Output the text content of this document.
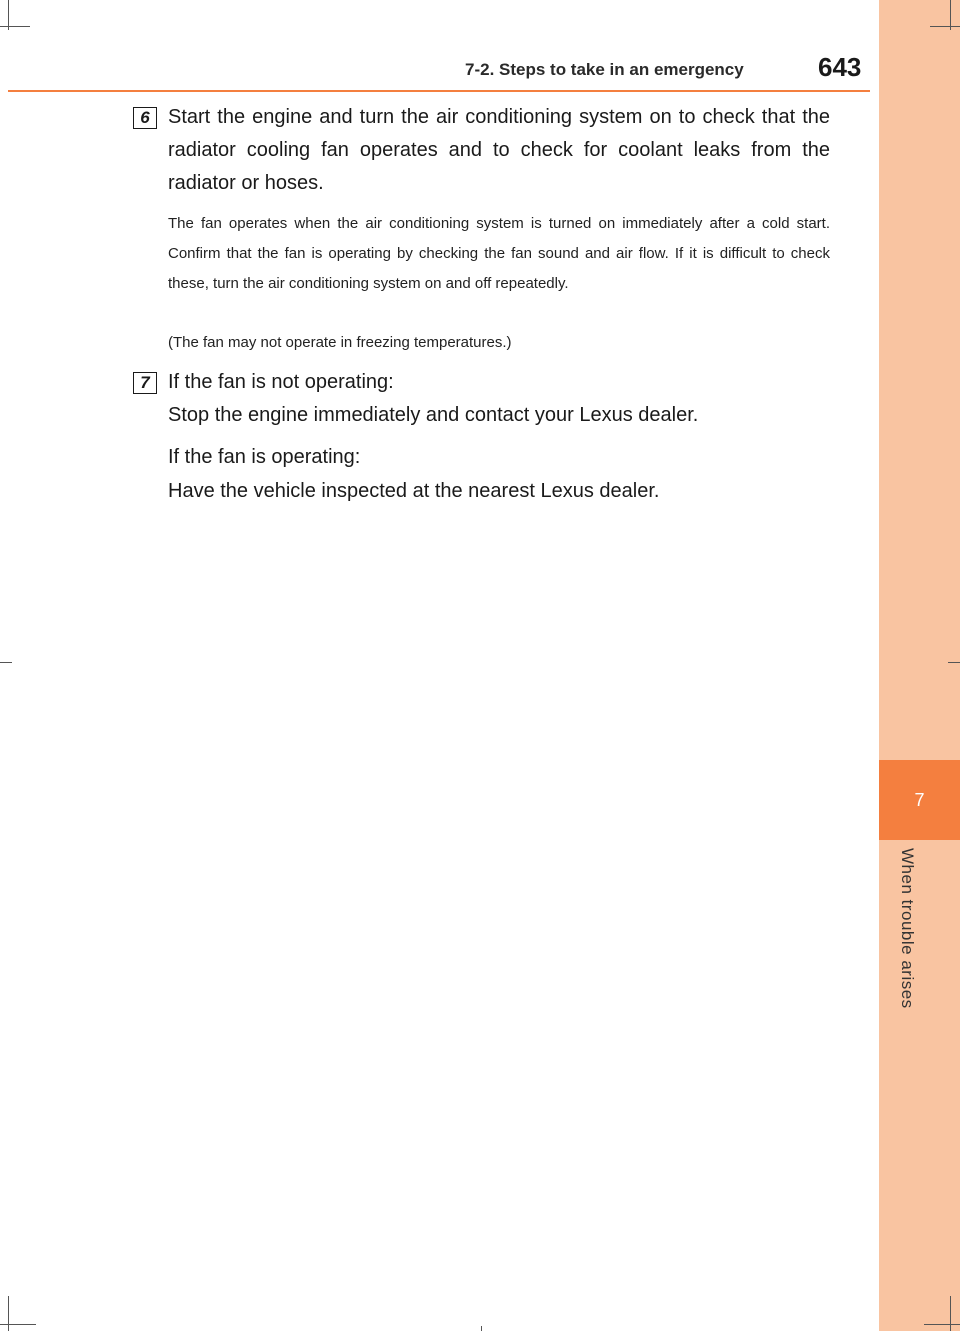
7
When trouble arises
7-2. Steps to take in an emergency	643
6 Start the engine and turn the air conditioning system on to check that the radiator cooling fan operates and to check for coolant leaks from the radiator or hoses.

The fan operates when the air conditioning system is turned on immediately after a cold start. Confirm that the fan is operating by checking the fan sound and air flow. If it is difficult to check these, turn the air conditioning system on and off repeatedly.

(The fan may not operate in freezing temperatures.)

7 If the fan is not operating:

Stop the engine immediately and contact your Lexus dealer.

If the fan is operating:

Have the vehicle inspected at the nearest Lexus dealer.
